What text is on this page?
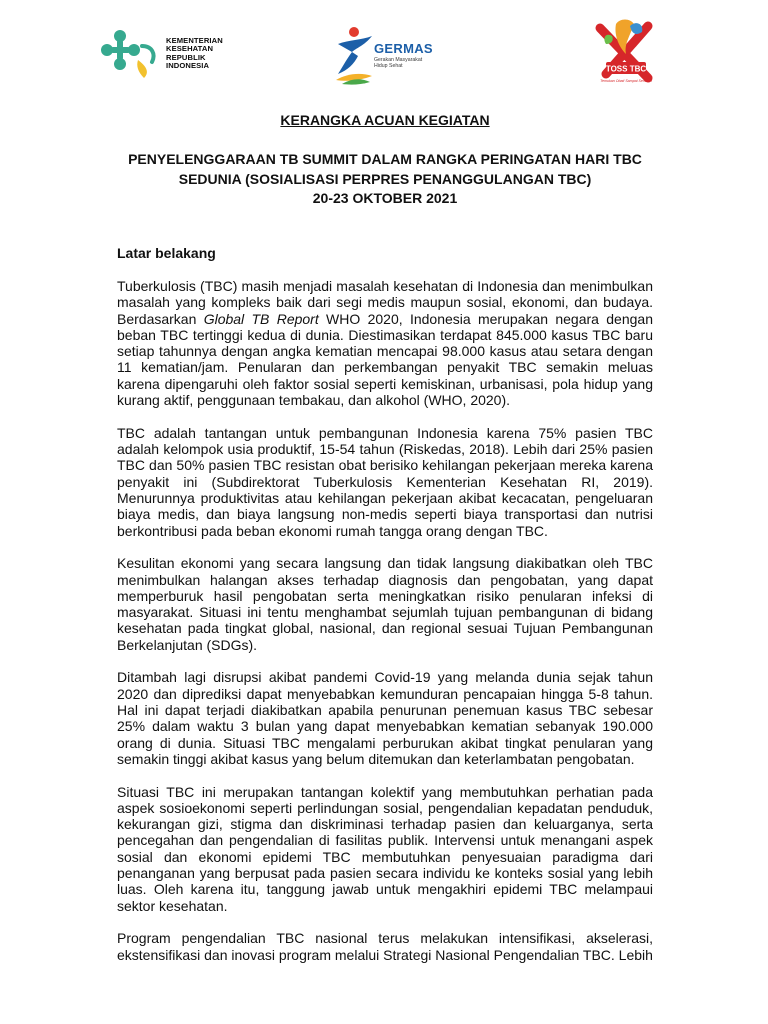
KEMENTERIAN
KESEHATAN
REPUBLIK
INDONESIA
GERMAS
Gerakan Masyarakat
Hidup Sehat	TOSS TBC
Temukan Obati Sampai Sembuh
KERANGKA ACUAN KEGIATAN
PENYELENGGARAAN TB SUMMIT DALAM RANGKA PERINGATAN HARI TBC
SEDUNIA (SOSIALISASI PERPRES PENANGGULANGAN TBC)
20-23 OKTOBER 2021
Latar belakang

Tuberkulosis (TBC) masih menjadi masalah kesehatan di Indonesia dan menimbulkan masalah yang kompleks baik dari segi medis maupun sosial, ekonomi, dan budaya. Berdasarkan Global TB Report WHO 2020, Indonesia merupakan negara dengan beban TBC tertinggi kedua di dunia. Diestimasikan terdapat 845.000 kasus TBC baru setiap tahunnya dengan angka kematian mencapai 98.000 kasus atau setara dengan 11 kematian/jam. Penularan dan perkembangan penyakit TBC semakin meluas karena dipengaruhi oleh faktor sosial seperti kemiskinan, urbanisasi, pola hidup yang kurang aktif, penggunaan tembakau, dan alkohol (WHO, 2020).

TBC adalah tantangan untuk pembangunan Indonesia karena 75% pasien TBC adalah kelompok usia produktif, 15-54 tahun (Riskedas, 2018). Lebih dari 25% pasien TBC dan 50% pasien TBC resistan obat berisiko kehilangan pekerjaan mereka karena penyakit ini (Subdirektorat Tuberkulosis Kementerian Kesehatan RI, 2019). Menurunnya produktivitas atau kehilangan pekerjaan akibat kecacatan, pengeluaran biaya medis, dan biaya langsung non-medis seperti biaya transportasi dan nutrisi berkontribusi pada beban ekonomi rumah tangga orang dengan TBC.

Kesulitan ekonomi yang secara langsung dan tidak langsung diakibatkan oleh TBC menimbulkan halangan akses terhadap diagnosis dan pengobatan, yang dapat memperburuk hasil pengobatan serta meningkatkan risiko penularan infeksi di masyarakat. Situasi ini tentu menghambat sejumlah tujuan pembangunan di bidang kesehatan pada tingkat global, nasional, dan regional sesuai Tujuan Pembangunan Berkelanjutan (SDGs).

Ditambah lagi disrupsi akibat pandemi Covid-19 yang melanda dunia sejak tahun 2020 dan diprediksi dapat menyebabkan kemunduran pencapaian hingga 5-8 tahun. Hal ini dapat terjadi diakibatkan apabila penurunan penemuan kasus TBC sebesar 25% dalam waktu 3 bulan yang dapat menyebabkan kematian sebanyak 190.000 orang di dunia. Situasi TBC mengalami perburukan akibat tingkat penularan yang semakin tinggi akibat kasus yang belum ditemukan dan keterlambatan pengobatan.

Situasi TBC ini merupakan tantangan kolektif yang membutuhkan perhatian pada aspek sosioekonomi seperti perlindungan sosial, pengendalian kepadatan penduduk, kekurangan gizi, stigma dan diskriminasi terhadap pasien dan keluarganya, serta pencegahan dan pengendalian di fasilitas publik. Intervensi untuk menangani aspek sosial dan ekonomi epidemi TBC membutuhkan penyesuaian paradigma dari penanganan yang berpusat pada pasien secara individu ke konteks sosial yang lebih luas. Oleh karena itu, tanggung jawab untuk mengakhiri epidemi TBC melampaui sektor kesehatan.

Program pengendalian TBC nasional terus melakukan intensifikasi, akselerasi, ekstensifikasi dan inovasi program melalui Strategi Nasional Pengendalian TBC. Lebih
